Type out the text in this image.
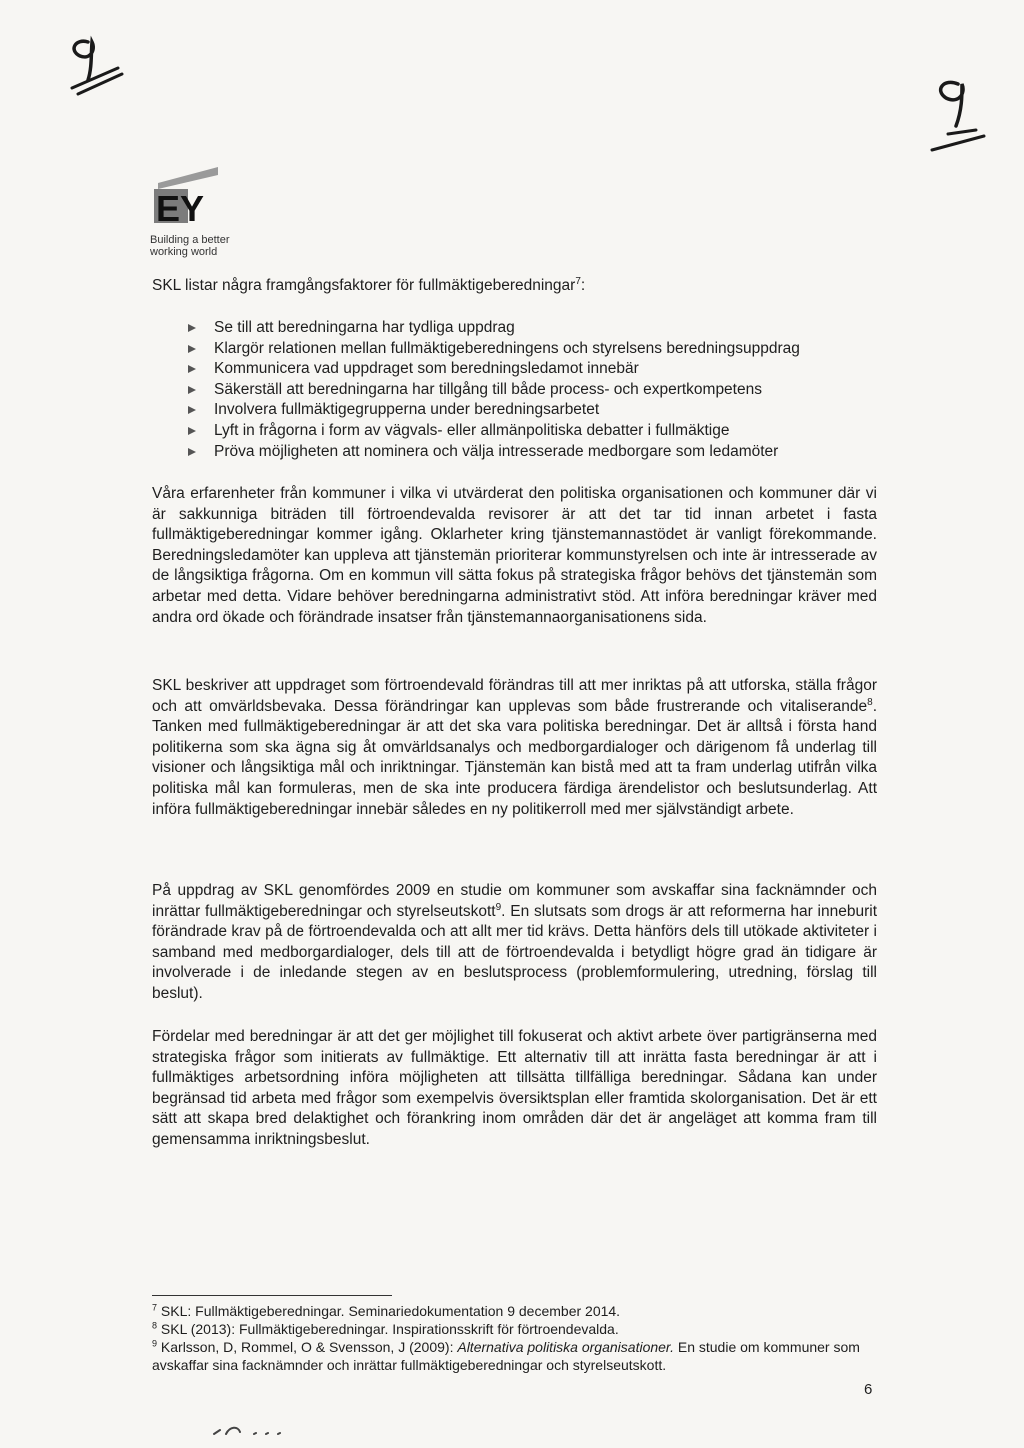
EY
Building a better
working world

SKL listar några framgångsfaktorer för fullmäktigeberedningar$^7$:

Se till att beredningarna har tydliga uppdrag
Klargör relationen mellan fullmäktigeberedningens och styrelsens beredningsuppdrag
Kommunicera vad uppdraget som beredningsledamot innebär
Säkerställ att beredningarna har tillgång till både process- och expertkompetens
Involvera fullmäktigegrupperna under beredningsarbetet
Lyft in frågorna i form av vägvals- eller allmänpolitiska debatter i fullmäktige
Pröva möjligheten att nominera och välja intresserade medborgare som ledamöter

Våra erfarenheter från kommuner i vilka vi utvärderat den politiska organisationen och kommuner där vi är sakkunniga biträden till förtroendevalda revisorer är att det tar tid innan arbetet i fasta fullmäktigeberedningar kommer igång. Oklarheter kring tjänstemannastödet är vanligt förekommande. Beredningsledamöter kan uppleva att tjänstemän prioriterar kommunstyrelsen och inte är intresserade av de långsiktiga frågorna. Om en kommun vill sätta fokus på strategiska frågor behövs det tjänstemän som arbetar med detta. Vidare behöver beredningarna administrativt stöd. Att införa beredningar kräver med andra ord ökade och förändrade insatser från tjänstemannaorganisationens sida.

SKL beskriver att uppdraget som förtroendevald förändras till att mer inriktas på att utforska, ställa frågor och att omvärldsbevaka. Dessa förändringar kan upplevas som både frustrerande och vitaliserande$^8$. Tanken med fullmäktigeberedningar är att det ska vara politiska beredningar. Det är alltså i första hand politikerna som ska ägna sig åt omvärldsanalys och medborgardialoger och därigenom få underlag till visioner och långsiktiga mål och inriktningar. Tjänstemän kan bistå med att ta fram underlag utifrån vilka politiska mål kan formuleras, men de ska inte producera färdiga ärendelistor och beslutsunderlag. Att införa fullmäktigeberedningar innebär således en ny politikerroll med mer självständigt arbete.

På uppdrag av SKL genomfördes 2009 en studie om kommuner som avskaffar sina facknämnder och inrättar fullmäktigeberedningar och styrelseutskott$^9$. En slutsats som drogs är att reformerna har inneburit förändrade krav på de förtroendevalda och att allt mer tid krävs. Detta hänförs dels till utökade aktiviteter i samband med medborgardialoger, dels till att de förtroendevalda i betydligt högre grad än tidigare är involverade i de inledande stegen av en beslutsprocess (problemformulering, utredning, förslag till beslut).

Fördelar med beredningar är att det ger möjlighet till fokuserat och aktivt arbete över partigränserna med strategiska frågor som initierats av fullmäktige. Ett alternativ till att inrätta fasta beredningar är att i fullmäktiges arbetsordning införa möjligheten att tillsätta tillfälliga beredningar. Sådana kan under begränsad tid arbeta med frågor som exempelvis översiktsplan eller framtida skolorganisation. Det är ett sätt att skapa bred delaktighet och förankring inom områden där det är angeläget att komma fram till gemensamma inriktningsbeslut.

$^7$ SKL: Fullmäktigeberedningar. Seminariedokumentation 9 december 2014.

$^8$ SKL (2013): Fullmäktigeberedningar. Inspirationsskrift för förtroendevalda.

$^9$ Karlsson, D, Rommel, O & Svensson, J (2009): Alternativa politiska organisationer. En studie om kommuner som avskaffar sina facknämnder och inrättar fullmäktigeberedningar och styrelseutskott.

6
